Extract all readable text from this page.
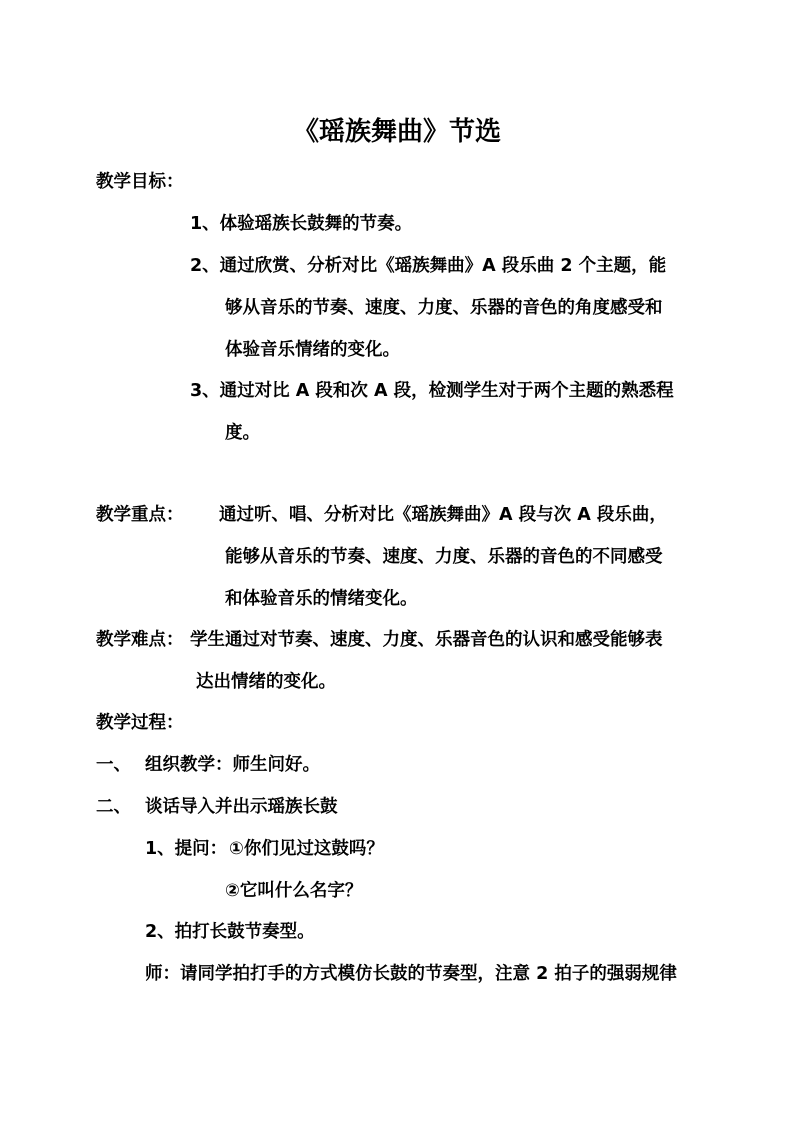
《瑶族舞曲》节选
教学目标：
1、体验瑶族长鼓舞的节奏。
2、通过欣赏、分析对比《瑶族舞曲》A 段乐曲 2 个主题，能
够从音乐的节奏、速度、力度、乐器的音色的角度感受和
体验音乐情绪的变化。
3、通过对比 A 段和次 A 段，检测学生对于两个主题的熟悉程
度。
教学重点： 通过听、唱、分析对比《瑶族舞曲》A 段与次 A 段乐曲，
能够从音乐的节奏、速度、力度、乐器的音色的不同感受
和体验音乐的情绪变化。
教学难点： 学生通过对节奏、速度、力度、乐器音色的认识和感受能够表
达出情绪的变化。
教学过程：
一、 组织教学：师生问好。
二、 谈话导入并出示瑶族长鼓
1、提问： ①你们见过这鼓吗？
②它叫什么名字？
2、拍打长鼓节奏型。
师：请同学拍打手的方式模仿长鼓的节奏型，注意 2 拍子的强弱规律
